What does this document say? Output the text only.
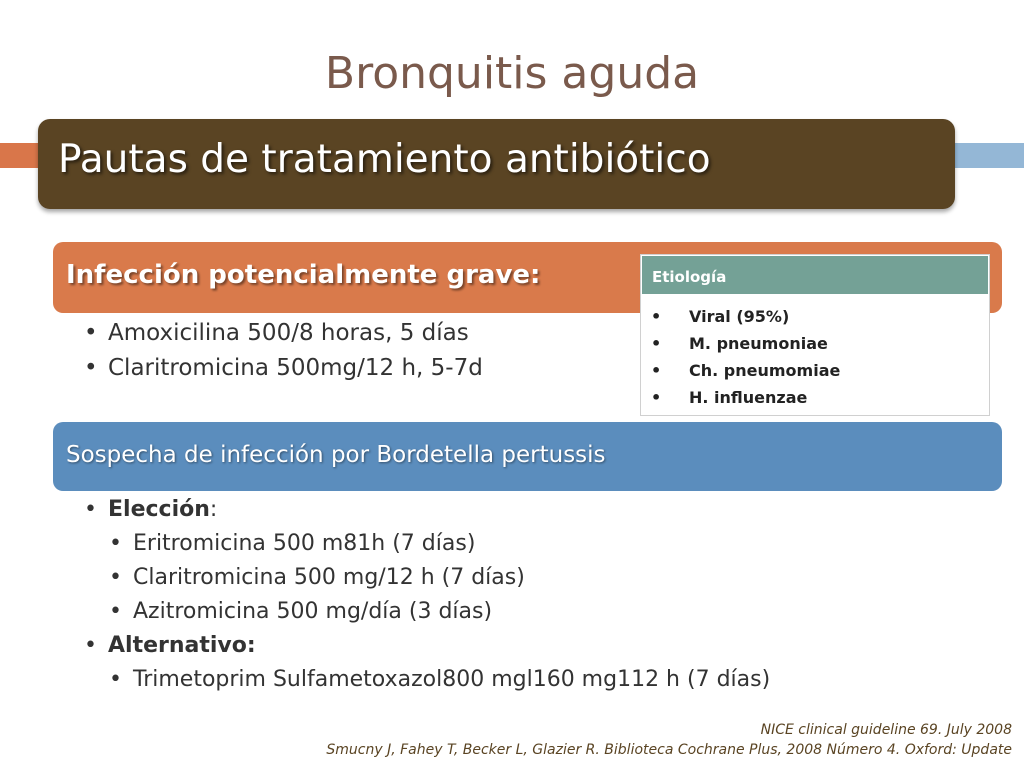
Bronquitis aguda
Pautas de tratamiento antibiótico
Infección potencialmente grave:	Etiología
• Viral (95%)
• M. pneumoniae
• Ch. pneumomiae
• H. influenzae
• Amoxicilina 500/8 horas, 5 días
• Claritromicina 500mg/12 h, 5-7d
Sospecha de infección por Bordetella pertussis
• Elección:
• Eritromicina 500 m81h (7 días)
• Claritromicina 500 mg/12 h (7 días)
• Azitromicina 500 mg/día (3 días)
• Alternativo:
• Trimetoprim Sulfametoxazol800 mgl160 mg112 h (7 días)
NICE clinical guideline 69. July 2008
Smucny J, Fahey T, Becker L, Glazier R. Biblioteca Cochrane Plus, 2008 Número 4. Oxford: Update
